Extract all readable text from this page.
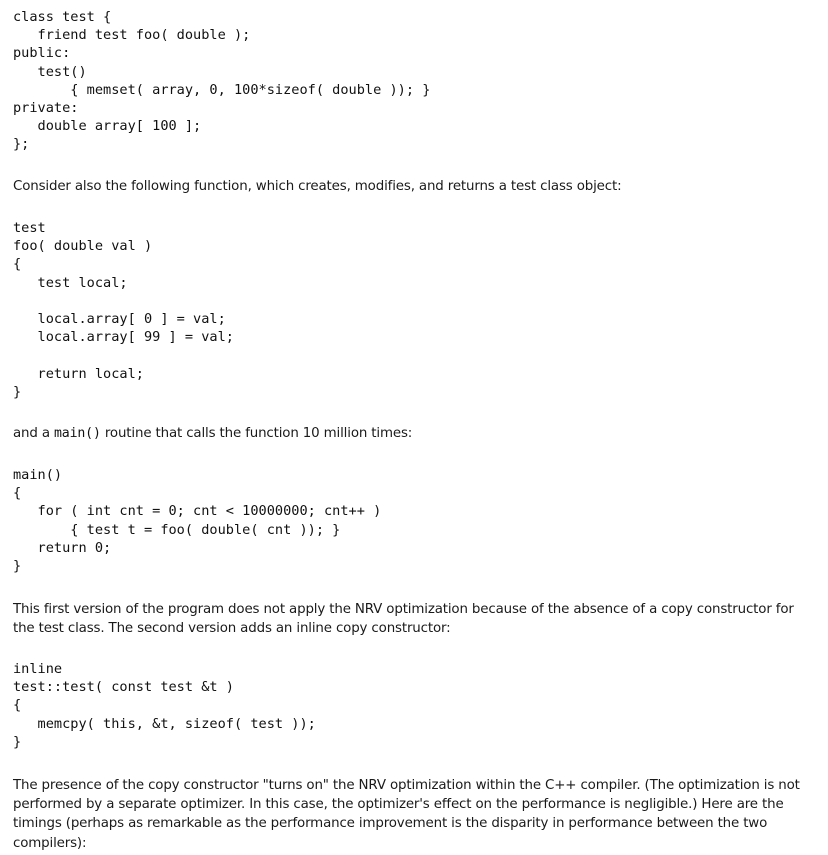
class test {
friend test foo( double );
public:
test()
{ memset( array, 0, 100*sizeof( double )); }
private:
double array[ 100 ];
};

Consider also the following function, which creates, modifies, and returns a test class object:

test
foo( double val )
{
test local;

local.array[ 0 ] = val;
local.array[ 99 ] = val;

return local;
}

and a main() routine that calls the function 10 million times:

main()
{
for ( int cnt = 0; cnt < 10000000; cnt++ )
{ test t = foo( double( cnt )); }
return 0;
}

This first version of the program does not apply the NRV optimization because of the absence of a copy constructor for the test class. The second version adds an inline copy constructor:

inline
test::test( const test &t )
{
memcpy( this, &t, sizeof( test ));
}

The presence of the copy constructor "turns on" the NRV optimization within the C++ compiler. (The optimization is not performed by a separate optimizer. In this case, the optimizer's effect on the performance is negligible.) Here are the timings (perhaps as remarkable as the performance improvement is the disparity in performance between the two compilers):
